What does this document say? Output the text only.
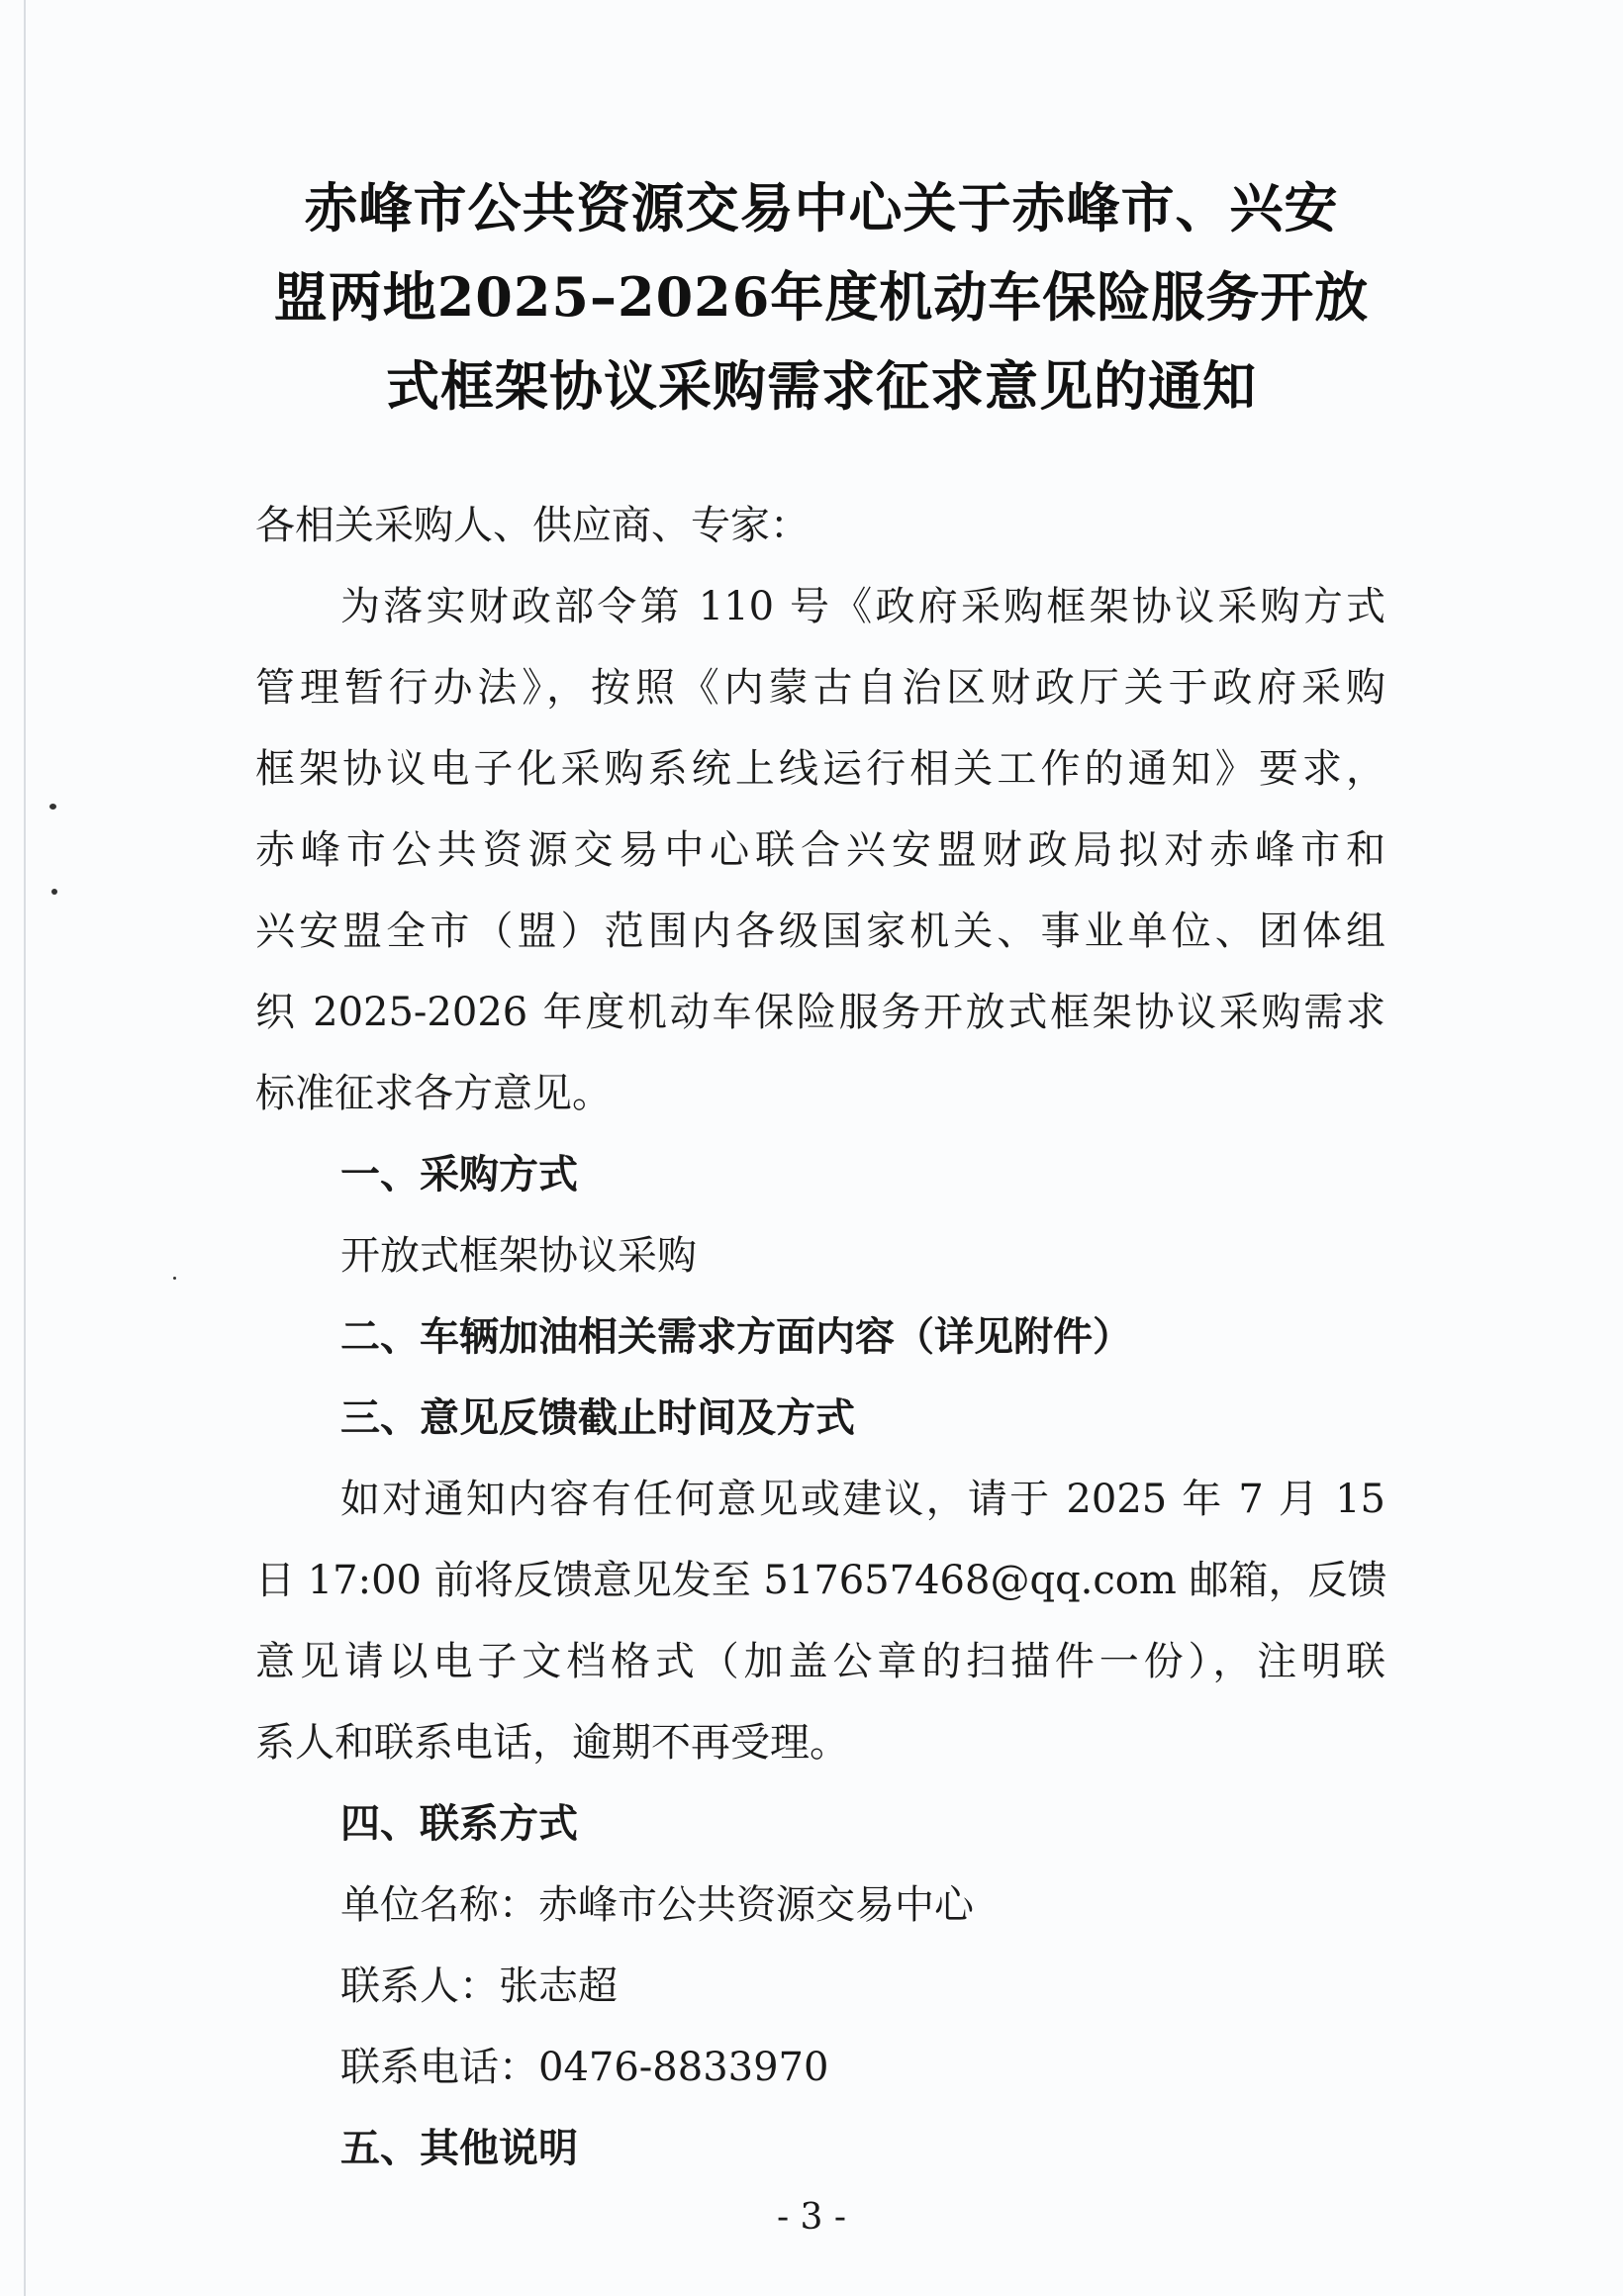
赤峰市公共资源交易中心关于赤峰市、兴安
盟两地2025–2026年度机动车保险服务开放
式框架协议采购需求征求意见的通知
各相关采购人、供应商、专家：
为落实财政部令第 110 号《政府采购框架协议采购方式
管理暂行办法》，按照《内蒙古自治区财政厅关于政府采购
框架协议电子化采购系统上线运行相关工作的通知》要求，
赤峰市公共资源交易中心联合兴安盟财政局拟对赤峰市和
兴安盟全市（盟）范围内各级国家机关、事业单位、团体组
织 2025-2026 年度机动车保险服务开放式框架协议采购需求
标准征求各方意见。
一、采购方式
开放式框架协议采购
二、车辆加油相关需求方面内容（详见附件）
三、意见反馈截止时间及方式
如对通知内容有任何意见或建议，请于 2025 年 7 月 15
日 17:00 前将反馈意见发至 517657468@qq.com 邮箱，反馈
意见请以电子文档格式（加盖公章的扫描件一份），注明联
系人和联系电话，逾期不再受理。
四、联系方式
单位名称：赤峰市公共资源交易中心
联系人：张志超
联系电话：0476-8833970
五、其他说明
- 3 -
